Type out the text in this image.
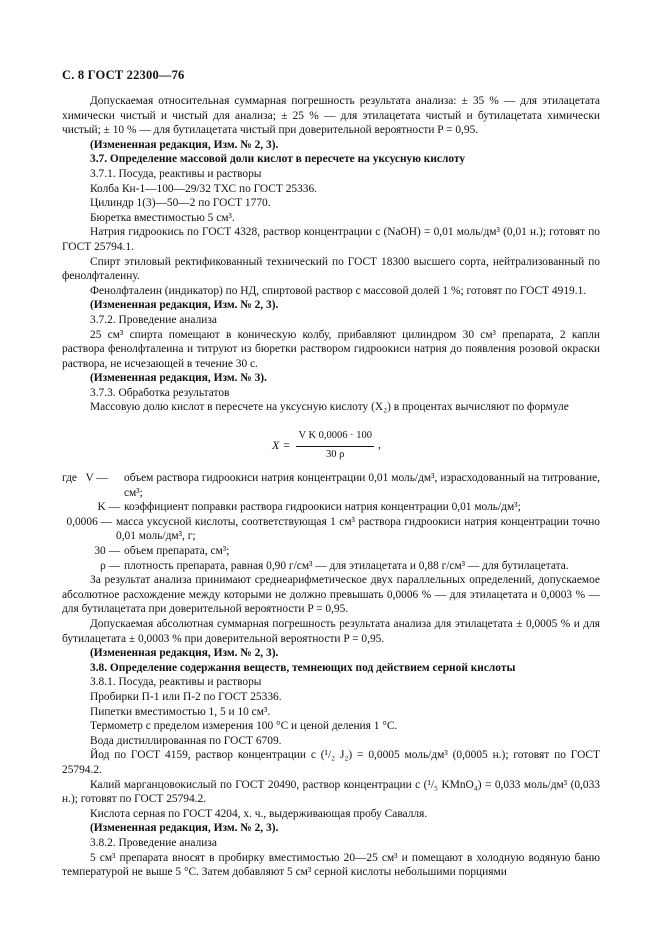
С. 8 ГОСТ 22300—76

Допускаемая относительная суммарная погрешность результата анализа: ± 35 % — для этилацетата химически чистый и чистый для анализа; ± 25 % — для этилацетата чистый и бутилацетата химически чистый; ± 10 % — для бутилацетата чистый при доверительной вероятности P = 0,95.

(Измененная редакция, Изм. № 2, 3).

3.7. Определение массовой доли кислот в пересчете на уксусную кислоту

3.7.1. Посуда, реактивы и растворы

Колба Кн-1—100—29/32 ТХС по ГОСТ 25336.

Цилиндр 1(3)—50—2 по ГОСТ 1770.

Бюретка вместимостью 5 см³.

Натрия гидроокись по ГОСТ 4328, раствор концентрации c (NaOH) = 0,01 моль/дм³ (0,01 н.); готовят по ГОСТ 25794.1.

Спирт этиловый ректификованный технический по ГОСТ 18300 высшего сорта, нейтрализованный по фенолфталеину.

Фенолфталеин (индикатор) по НД, спиртовой раствор с массовой долей 1 %; готовят по ГОСТ 4919.1.

(Измененная редакция, Изм. № 2, 3).

3.7.2. Проведение анализа

25 см³ спирта помещают в коническую колбу, прибавляют цилиндром 30 см³ препарата, 2 капли раствора фенолфталеина и титруют из бюретки раствором гидроокиси натрия до появления розовой окраски раствора, не исчезающей в течение 30 с.

(Измененная редакция, Изм. № 3).

3.7.3. Обработка результатов

Массовую долю кислот в пересчете на уксусную кислоту (X₂) в процентах вычисляют по формуле

$X = \frac{\text{V K 0,0006 · 100}}{30 \rho}$ ,
где V —	объем раствора гидроокиси натрия концентрации 0,01 моль/дм³, израсходованный на титрование, см³;
K — коэффициент поправки раствора гидроокиси натрия концентрации 0,01 моль/дм³;
0,0006 — масса уксусной кислоты, соответствующая 1 см³ раствора гидроокиси натрия концентрации точно 0,01 моль/дм³, г;
30 — объем препарата, см³;
ρ — плотность препарата, равная 0,90 г/см³ — для этилацетата и 0,88 г/см³ — для бутилацетата.

За результат анализа принимают среднеарифметическое двух параллельных определений, допускаемое абсолютное расхождение между которыми не должно превышать 0,0006 % — для этилацетата и 0,0003 % — для бутилацетата при доверительной вероятности P = 0,95.

Допускаемая абсолютная суммарная погрешность результата анализа для этилацетата ± 0,0005 % и для бутилацетата ± 0,0003 % при доверительной вероятности P = 0,95.

(Измененная редакция, Изм. № 2, 3).

3.8. Определение содержания веществ, темнеющих под действием серной кислоты

3.8.1. Посуда, реактивы и растворы

Пробирки П-1 или П-2 по ГОСТ 25336.

Пипетки вместимостью 1, 5 и 10 см³.

Термометр с пределом измерения 100 °С и ценой деления 1 °С.

Вода дистиллированная по ГОСТ 6709.

Йод по ГОСТ 4159, раствор концентрации c (¹/₂ J₂) = 0,0005 моль/дм³ (0,0005 н.); готовят по ГОСТ 25794.2.

Калий марганцовокислый по ГОСТ 20490, раствор концентрации c (¹/₅ KMnO₄) = 0,033 моль/дм³ (0,033 н.); готовят по ГОСТ 25794.2.

Кислота серная по ГОСТ 4204, х. ч., выдерживающая пробу Савалля.

(Измененная редакция, Изм. № 2, 3).

3.8.2. Проведение анализа

5 см³ препарата вносят в пробирку вместимостью 20—25 см³ и помещают в холодную водяную баню температурой не выше 5 °С. Затем добавляют 5 см³ серной кислоты небольшими порциями
